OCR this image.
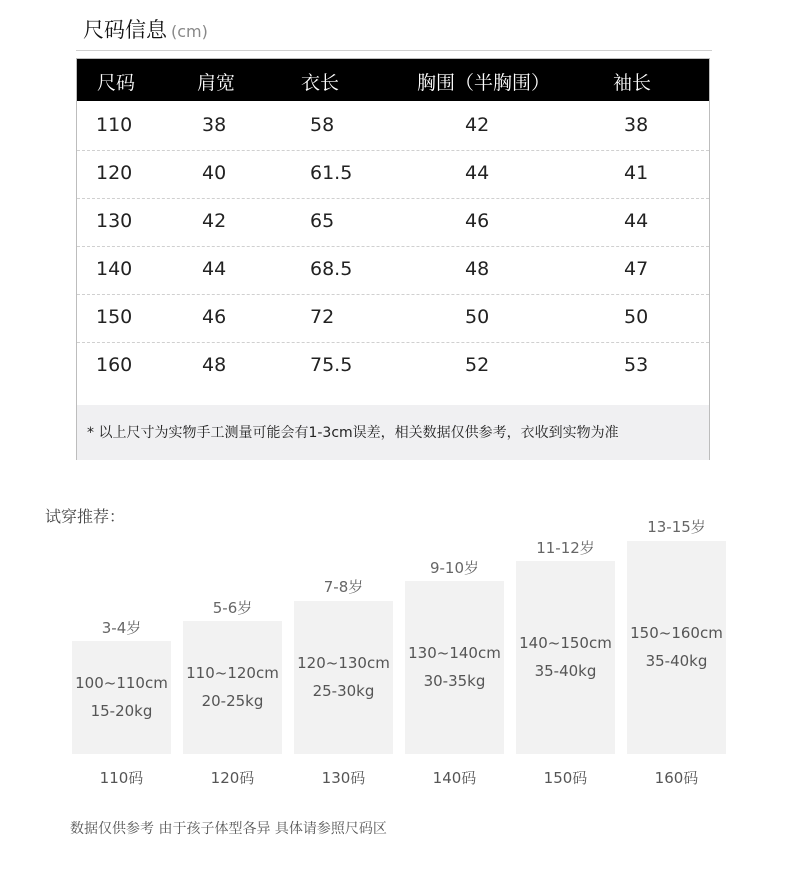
尺码信息 (cm)
尺码	肩宽	衣长	胸围（半胸围）	袖长
110	38	58	42	38
120	40	61.5	44	41
130	42	65	46	44
140	44	68.5	48	47
150	46	72	50	50
160	48	75.5	52	53
* 以上尺寸为实物手工测量可能会有1-3cm误差，相关数据仅供参考，衣收到实物为准
试穿推荐：
3-4岁
100~110cm
15-20kg
110码
5-6岁
110~120cm
20-25kg
120码
7-8岁
120~130cm
25-30kg
130码
9-10岁
130~140cm
30-35kg
140码
11-12岁
140~150cm
35-40kg
150码
13-15岁
150~160cm
35-40kg
160码
数据仅供参考 由于孩子体型各异 具体请参照尺码区
